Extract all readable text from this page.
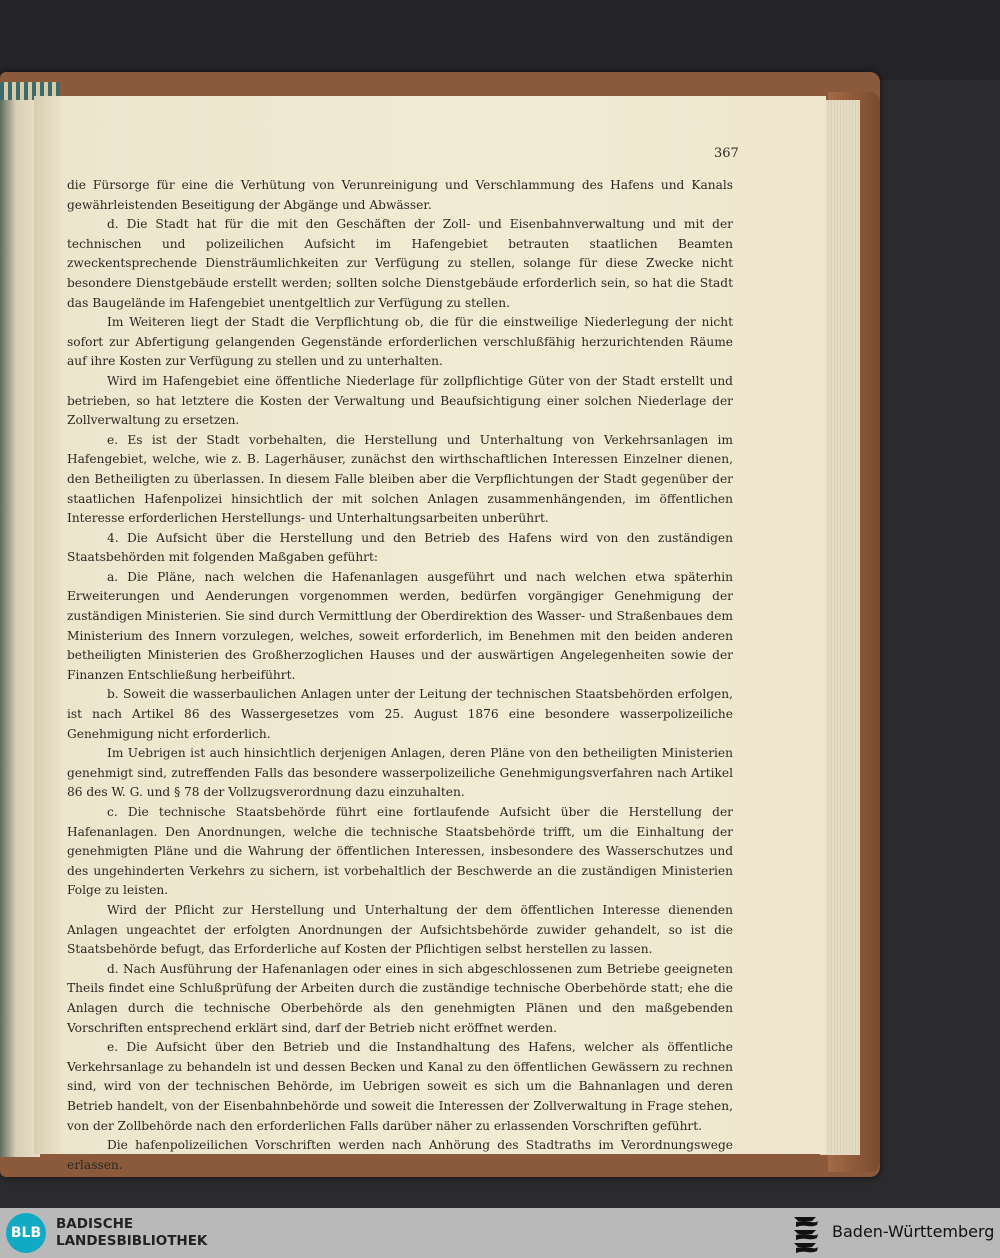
367

die Fürsorge für eine die Verhütung von Verunreinigung und Verschlammung des Hafens und Kanals gewährleistenden Beseitigung der Abgänge und Abwässer.

d. Die Stadt hat für die mit den Geschäften der Zoll- und Eisenbahnverwaltung und mit der technischen und polizeilichen Aufsicht im Hafengebiet betrauten staatlichen Beamten zweckentsprechende Diensträumlichkeiten zur Verfügung zu stellen, solange für diese Zwecke nicht besondere Dienstgebäude erstellt werden; sollten solche Dienstgebäude erforderlich sein, so hat die Stadt das Baugelände im Hafengebiet unentgeltlich zur Verfügung zu stellen.

Im Weiteren liegt der Stadt die Verpflichtung ob, die für die einstweilige Niederlegung der nicht sofort zur Abfertigung gelangenden Gegenstände erforderlichen verschlußfähig herzurichtenden Räume auf ihre Kosten zur Verfügung zu stellen und zu unterhalten.

Wird im Hafengebiet eine öffentliche Niederlage für zollpflichtige Güter von der Stadt erstellt und betrieben, so hat letztere die Kosten der Verwaltung und Beaufsichtigung einer solchen Niederlage der Zollverwaltung zu ersetzen.

e. Es ist der Stadt vorbehalten, die Herstellung und Unterhaltung von Verkehrsanlagen im Hafengebiet, welche, wie z. B. Lagerhäuser, zunächst den wirthschaftlichen Interessen Einzelner dienen, den Betheiligten zu überlassen. In diesem Falle bleiben aber die Verpflichtungen der Stadt gegenüber der staatlichen Hafenpolizei hinsichtlich der mit solchen Anlagen zusammenhängenden, im öffentlichen Interesse erforderlichen Herstellungs- und Unterhaltungsarbeiten unberührt.

4. Die Aufsicht über die Herstellung und den Betrieb des Hafens wird von den zuständigen Staatsbehörden mit folgenden Maßgaben geführt:

a. Die Pläne, nach welchen die Hafenanlagen ausgeführt und nach welchen etwa späterhin Erweiterungen und Aenderungen vorgenommen werden, bedürfen vorgängiger Genehmigung der zuständigen Ministerien. Sie sind durch Vermittlung der Oberdirektion des Wasser- und Straßenbaues dem Ministerium des Innern vorzulegen, welches, soweit erforderlich, im Benehmen mit den beiden anderen betheiligten Ministerien des Großherzoglichen Hauses und der auswärtigen Angelegenheiten sowie der Finanzen Entschließung herbeiführt.

b. Soweit die wasserbaulichen Anlagen unter der Leitung der technischen Staatsbehörden erfolgen, ist nach Artikel 86 des Wassergesetzes vom 25. August 1876 eine besondere wasserpolizeiliche Genehmigung nicht erforderlich.

Im Uebrigen ist auch hinsichtlich derjenigen Anlagen, deren Pläne von den betheiligten Ministerien genehmigt sind, zutreffenden Falls das besondere wasserpolizeiliche Genehmigungsverfahren nach Artikel 86 des W. G. und § 78 der Vollzugsverordnung dazu einzuhalten.

c. Die technische Staatsbehörde führt eine fortlaufende Aufsicht über die Herstellung der Hafenanlagen. Den Anordnungen, welche die technische Staatsbehörde trifft, um die Einhaltung der genehmigten Pläne und die Wahrung der öffentlichen Interessen, insbesondere des Wasserschutzes und des ungehinderten Verkehrs zu sichern, ist vorbehaltlich der Beschwerde an die zuständigen Ministerien Folge zu leisten.

Wird der Pflicht zur Herstellung und Unterhaltung der dem öffentlichen Interesse dienenden Anlagen ungeachtet der erfolgten Anordnungen der Aufsichtsbehörde zuwider gehandelt, so ist die Staatsbehörde befugt, das Erforderliche auf Kosten der Pflichtigen selbst herstellen zu lassen.

d. Nach Ausführung der Hafenanlagen oder eines in sich abgeschlossenen zum Betriebe geeigneten Theils findet eine Schlußprüfung der Arbeiten durch die zuständige technische Oberbehörde statt; ehe die Anlagen durch die technische Oberbehörde als den genehmigten Plänen und den maßgebenden Vorschriften entsprechend erklärt sind, darf der Betrieb nicht eröffnet werden.

e. Die Aufsicht über den Betrieb und die Instandhaltung des Hafens, welcher als öffentliche Verkehrsanlage zu behandeln ist und dessen Becken und Kanal zu den öffentlichen Gewässern zu rechnen sind, wird von der technischen Behörde, im Uebrigen soweit es sich um die Bahnanlagen und deren Betrieb handelt, von der Eisenbahnbehörde und soweit die Interessen der Zollverwaltung in Frage stehen, von der Zollbehörde nach den erforderlichen Falls darüber näher zu erlassenden Vorschriften geführt.

Die hafenpolizeilichen Vorschriften werden nach Anhörung des Stadtraths im Verordnungswege erlassen.

BLB
BADISCHE
LANDESBIBLIOTHEK	Baden-Württemberg
